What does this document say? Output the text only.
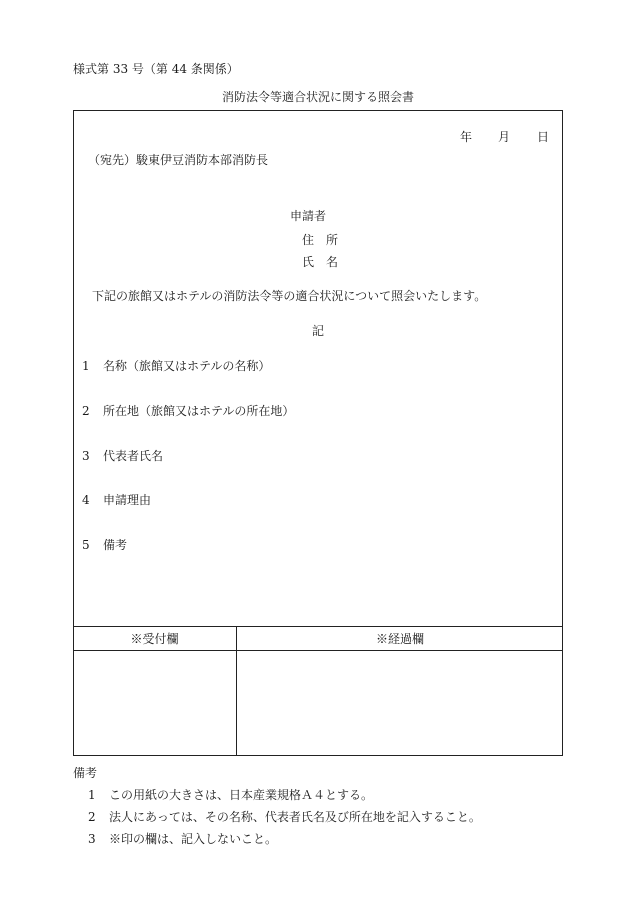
様式第 33 号（第 44 条関係）
消防法令等適合状況に関する照会書
年 月 日
（宛先）駿東伊豆消防本部消防長
申請者
住　所
氏　名
下記の旅館又はホテルの消防法令等の適合状況について照会いたします。
記
1 名称（旅館又はホテルの名称）
2 所在地（旅館又はホテルの所在地）
3 代表者氏名
4 申請理由
5 備考
※受付欄	※経過欄
備考
1 この用紙の大きさは、日本産業規格Ａ４とする。
2 法人にあっては、その名称、代表者氏名及び所在地を記入すること。
3 ※印の欄は、記入しないこと。
